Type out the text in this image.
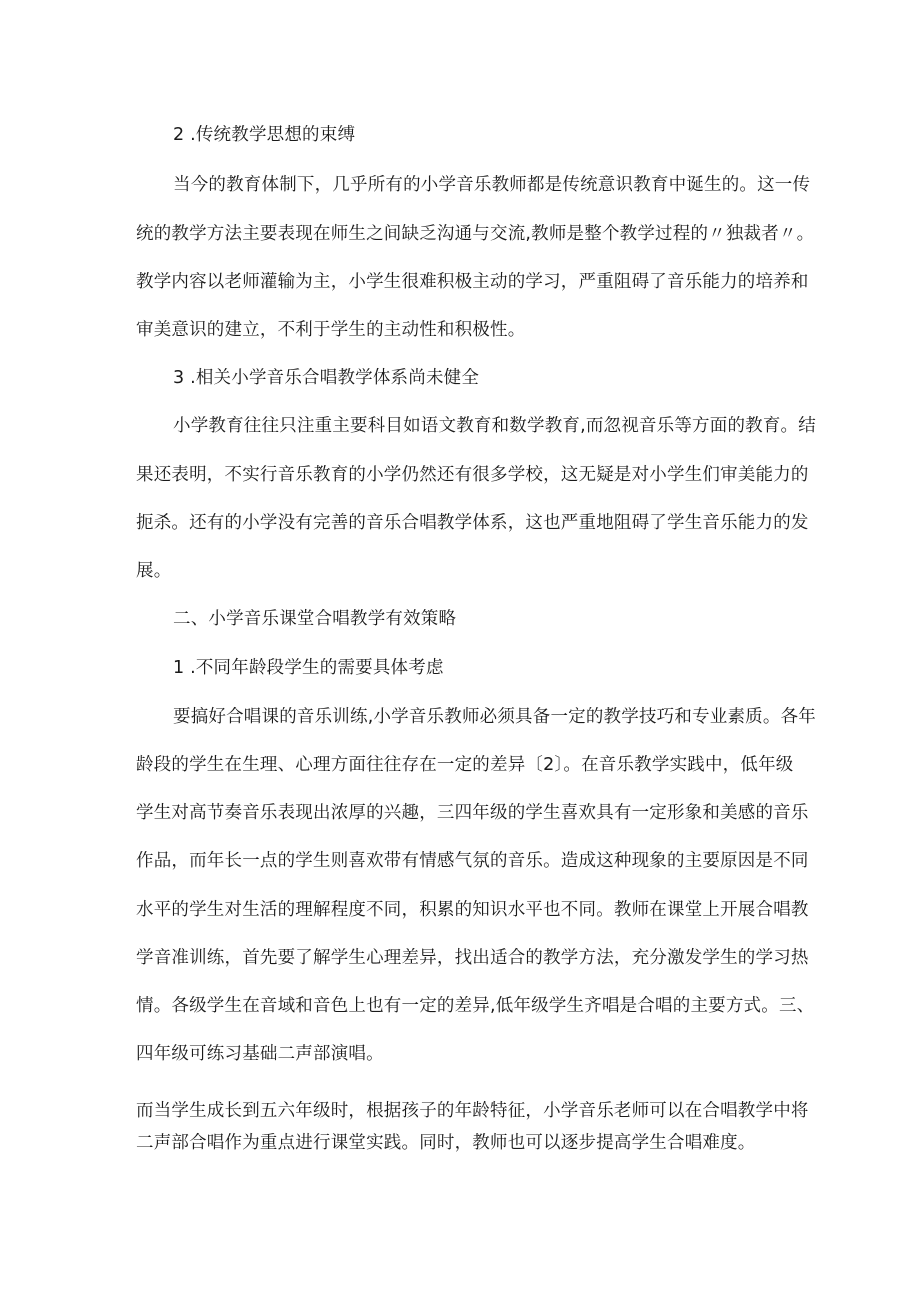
2 .传统教学思想的束缚

当今的教育体制下，几乎所有的小学音乐教师都是传统意识教育中诞生的。这一传

统的教学方法主要表现在师生之间缺乏沟通与交流,教师是整个教学过程的〃独裁者〃。

教学内容以老师灌输为主，小学生很难积极主动的学习，严重阻碍了音乐能力的培养和

审美意识的建立，不利于学生的主动性和积极性。

3 .相关小学音乐合唱教学体系尚未健全

小学教育往往只注重主要科目如语文教育和数学教育,而忽视音乐等方面的教育。结

果还表明，不实行音乐教育的小学仍然还有很多学校，这无疑是对小学生们审美能力的

扼杀。还有的小学没有完善的音乐合唱教学体系，这也严重地阻碍了学生音乐能力的发

展。

二、小学音乐课堂合唱教学有效策略

1 .不同年龄段学生的需要具体考虑

要搞好合唱课的音乐训练,小学音乐教师必须具备一定的教学技巧和专业素质。各年

龄段的学生在生理、心理方面往往存在一定的差异〔2〕。在音乐教学实践中，低年级

学生对高节奏音乐表现出浓厚的兴趣，三四年级的学生喜欢具有一定形象和美感的音乐

作品，而年长一点的学生则喜欢带有情感气氛的音乐。造成这种现象的主要原因是不同

水平的学生对生活的理解程度不同，积累的知识水平也不同。教师在课堂上开展合唱教

学音准训练，首先要了解学生心理差异，找出适合的教学方法，充分激发学生的学习热

情。各级学生在音域和音色上也有一定的差异,低年级学生齐唱是合唱的主要方式。三、

四年级可练习基础二声部演唱。

而当学生成长到五六年级时，根据孩子的年龄特征，小学音乐老师可以在合唱教学中将

二声部合唱作为重点进行课堂实践。同时，教师也可以逐步提高学生合唱难度。
